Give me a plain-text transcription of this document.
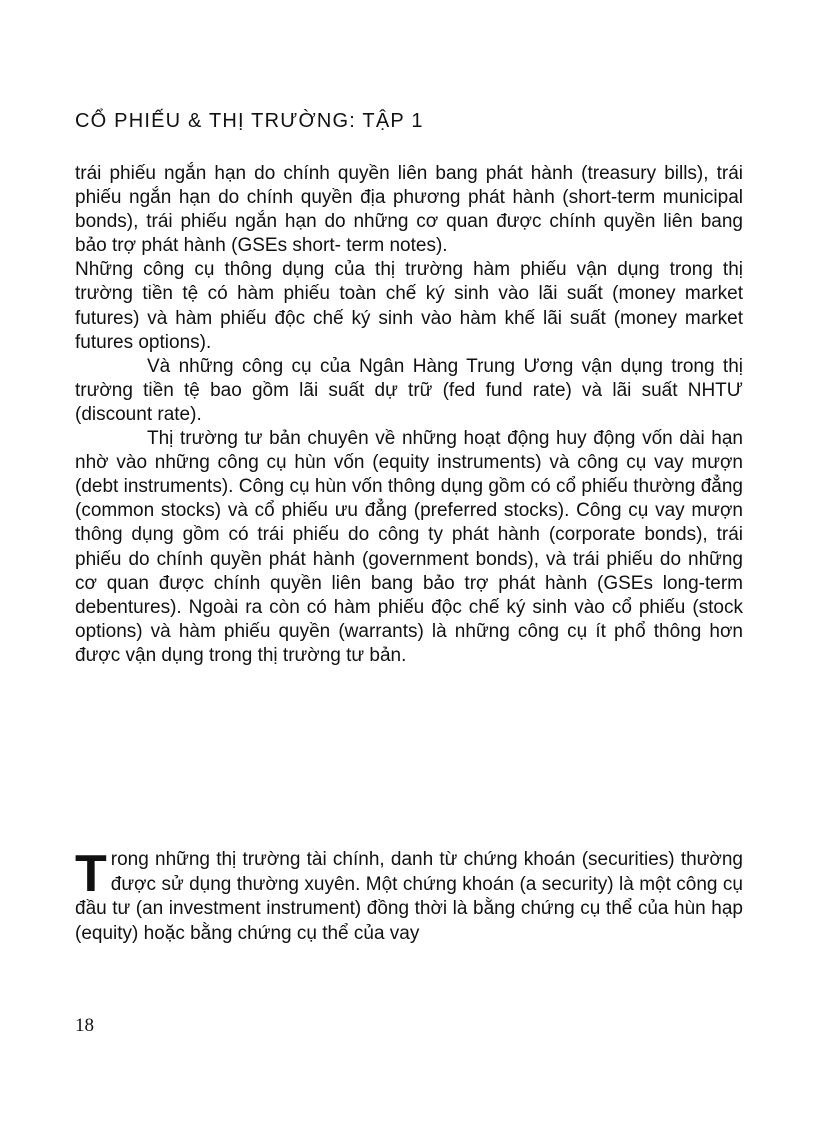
CỔ PHIẾU & THỊ TRƯỜNG: TẬP 1

trái phiếu ngắn hạn do chính quyền liên bang phát hành (treasury bills), trái phiếu ngắn hạn do chính quyền địa phương phát hành (short-term municipal bonds), trái phiếu ngắn hạn do những cơ quan được chính quyền liên bang bảo trợ phát hành (GSEs short- term notes).

Những công cụ thông dụng của thị trường hàm phiếu vận dụng trong thị trường tiền tệ có hàm phiếu toàn chế ký sinh vào lãi suất (money market futures) và hàm phiếu độc chế ký sinh vào hàm khế lãi suất (money market futures options).

Và những công cụ của Ngân Hàng Trung Ương vận dụng trong thị trường tiền tệ bao gồm lãi suất dự trữ (fed fund rate) và lãi suất NHTƯ (discount rate).

Thị trường tư bản chuyên về những hoạt động huy động vốn dài hạn nhờ vào những công cụ hùn vốn (equity instruments) và công cụ vay mượn (debt instruments). Công cụ hùn vốn thông dụng gồm có cổ phiếu thường đẳng (common stocks) và cổ phiếu ưu đẳng (preferred stocks). Công cụ vay mượn thông dụng gồm có trái phiếu do công ty phát hành (corporate bonds), trái phiếu do chính quyền phát hành (government bonds), và trái phiếu do những cơ quan được chính quyền liên bang bảo trợ phát hành (GSEs long-term debentures). Ngoài ra còn có hàm phiếu độc chế ký sinh vào cổ phiếu (stock options) và hàm phiếu quyền (warrants) là những công cụ ít phổ thông hơn được vận dụng trong thị trường tư bản.

Trong những thị trường tài chính, danh từ chứng khoán (securities) thường được sử dụng thường xuyên. Một chứng khoán (a security) là một công cụ đầu tư (an investment instrument) đồng thời là bằng chứng cụ thể của hùn hạp (equity) hoặc bằng chứng cụ thể của vay

18
